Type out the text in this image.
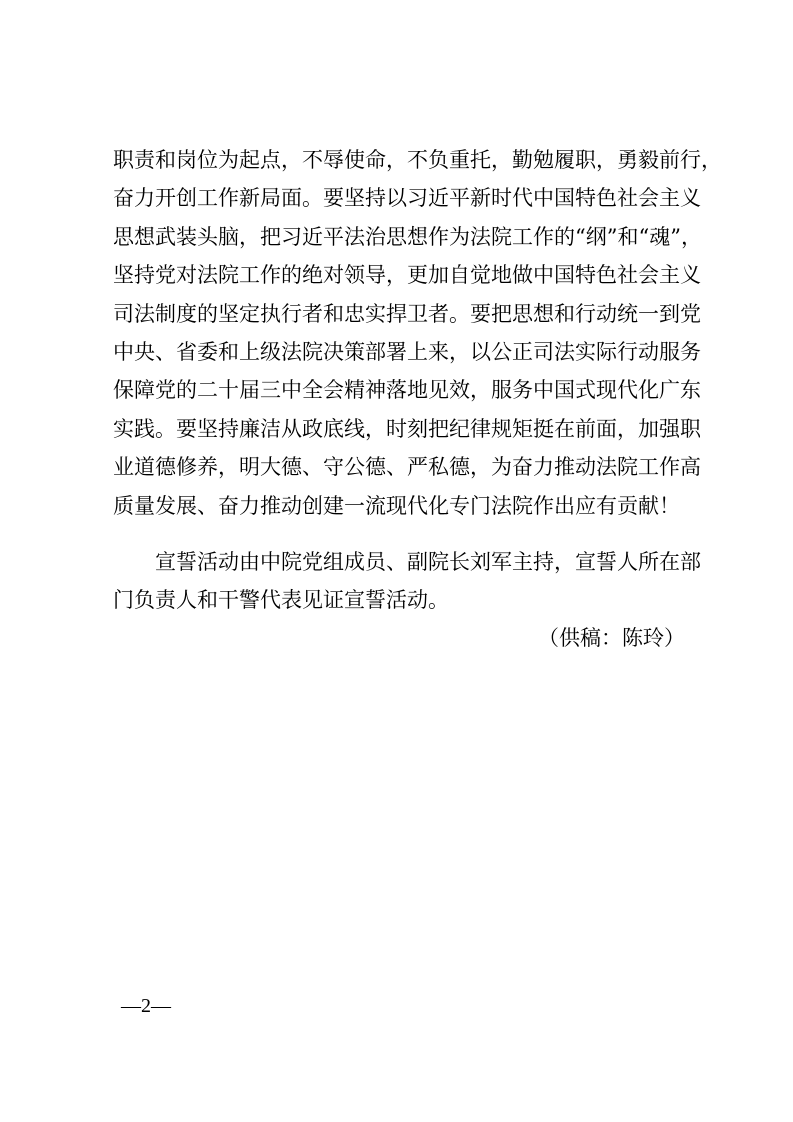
职责和岗位为起点，不辱使命，不负重托，勤勉履职，勇毅前行，
奋力开创工作新局面。要坚持以习近平新时代中国特色社会主义
思想武装头脑，把习近平法治思想作为法院工作的“纲”和“魂”，
坚持党对法院工作的绝对领导，更加自觉地做中国特色社会主义
司法制度的坚定执行者和忠实捍卫者。要把思想和行动统一到党
中央、省委和上级法院决策部署上来，以公正司法实际行动服务
保障党的二十届三中全会精神落地见效，服务中国式现代化广东
实践。要坚持廉洁从政底线，时刻把纪律规矩挺在前面，加强职
业道德修养，明大德、守公德、严私德，为奋力推动法院工作高
质量发展、奋力推动创建一流现代化专门法院作出应有贡献！
宣誓活动由中院党组成员、副院长刘军主持，宣誓人所在部
门负责人和干警代表见证宣誓活动。
（供稿：陈玲）
—2—
